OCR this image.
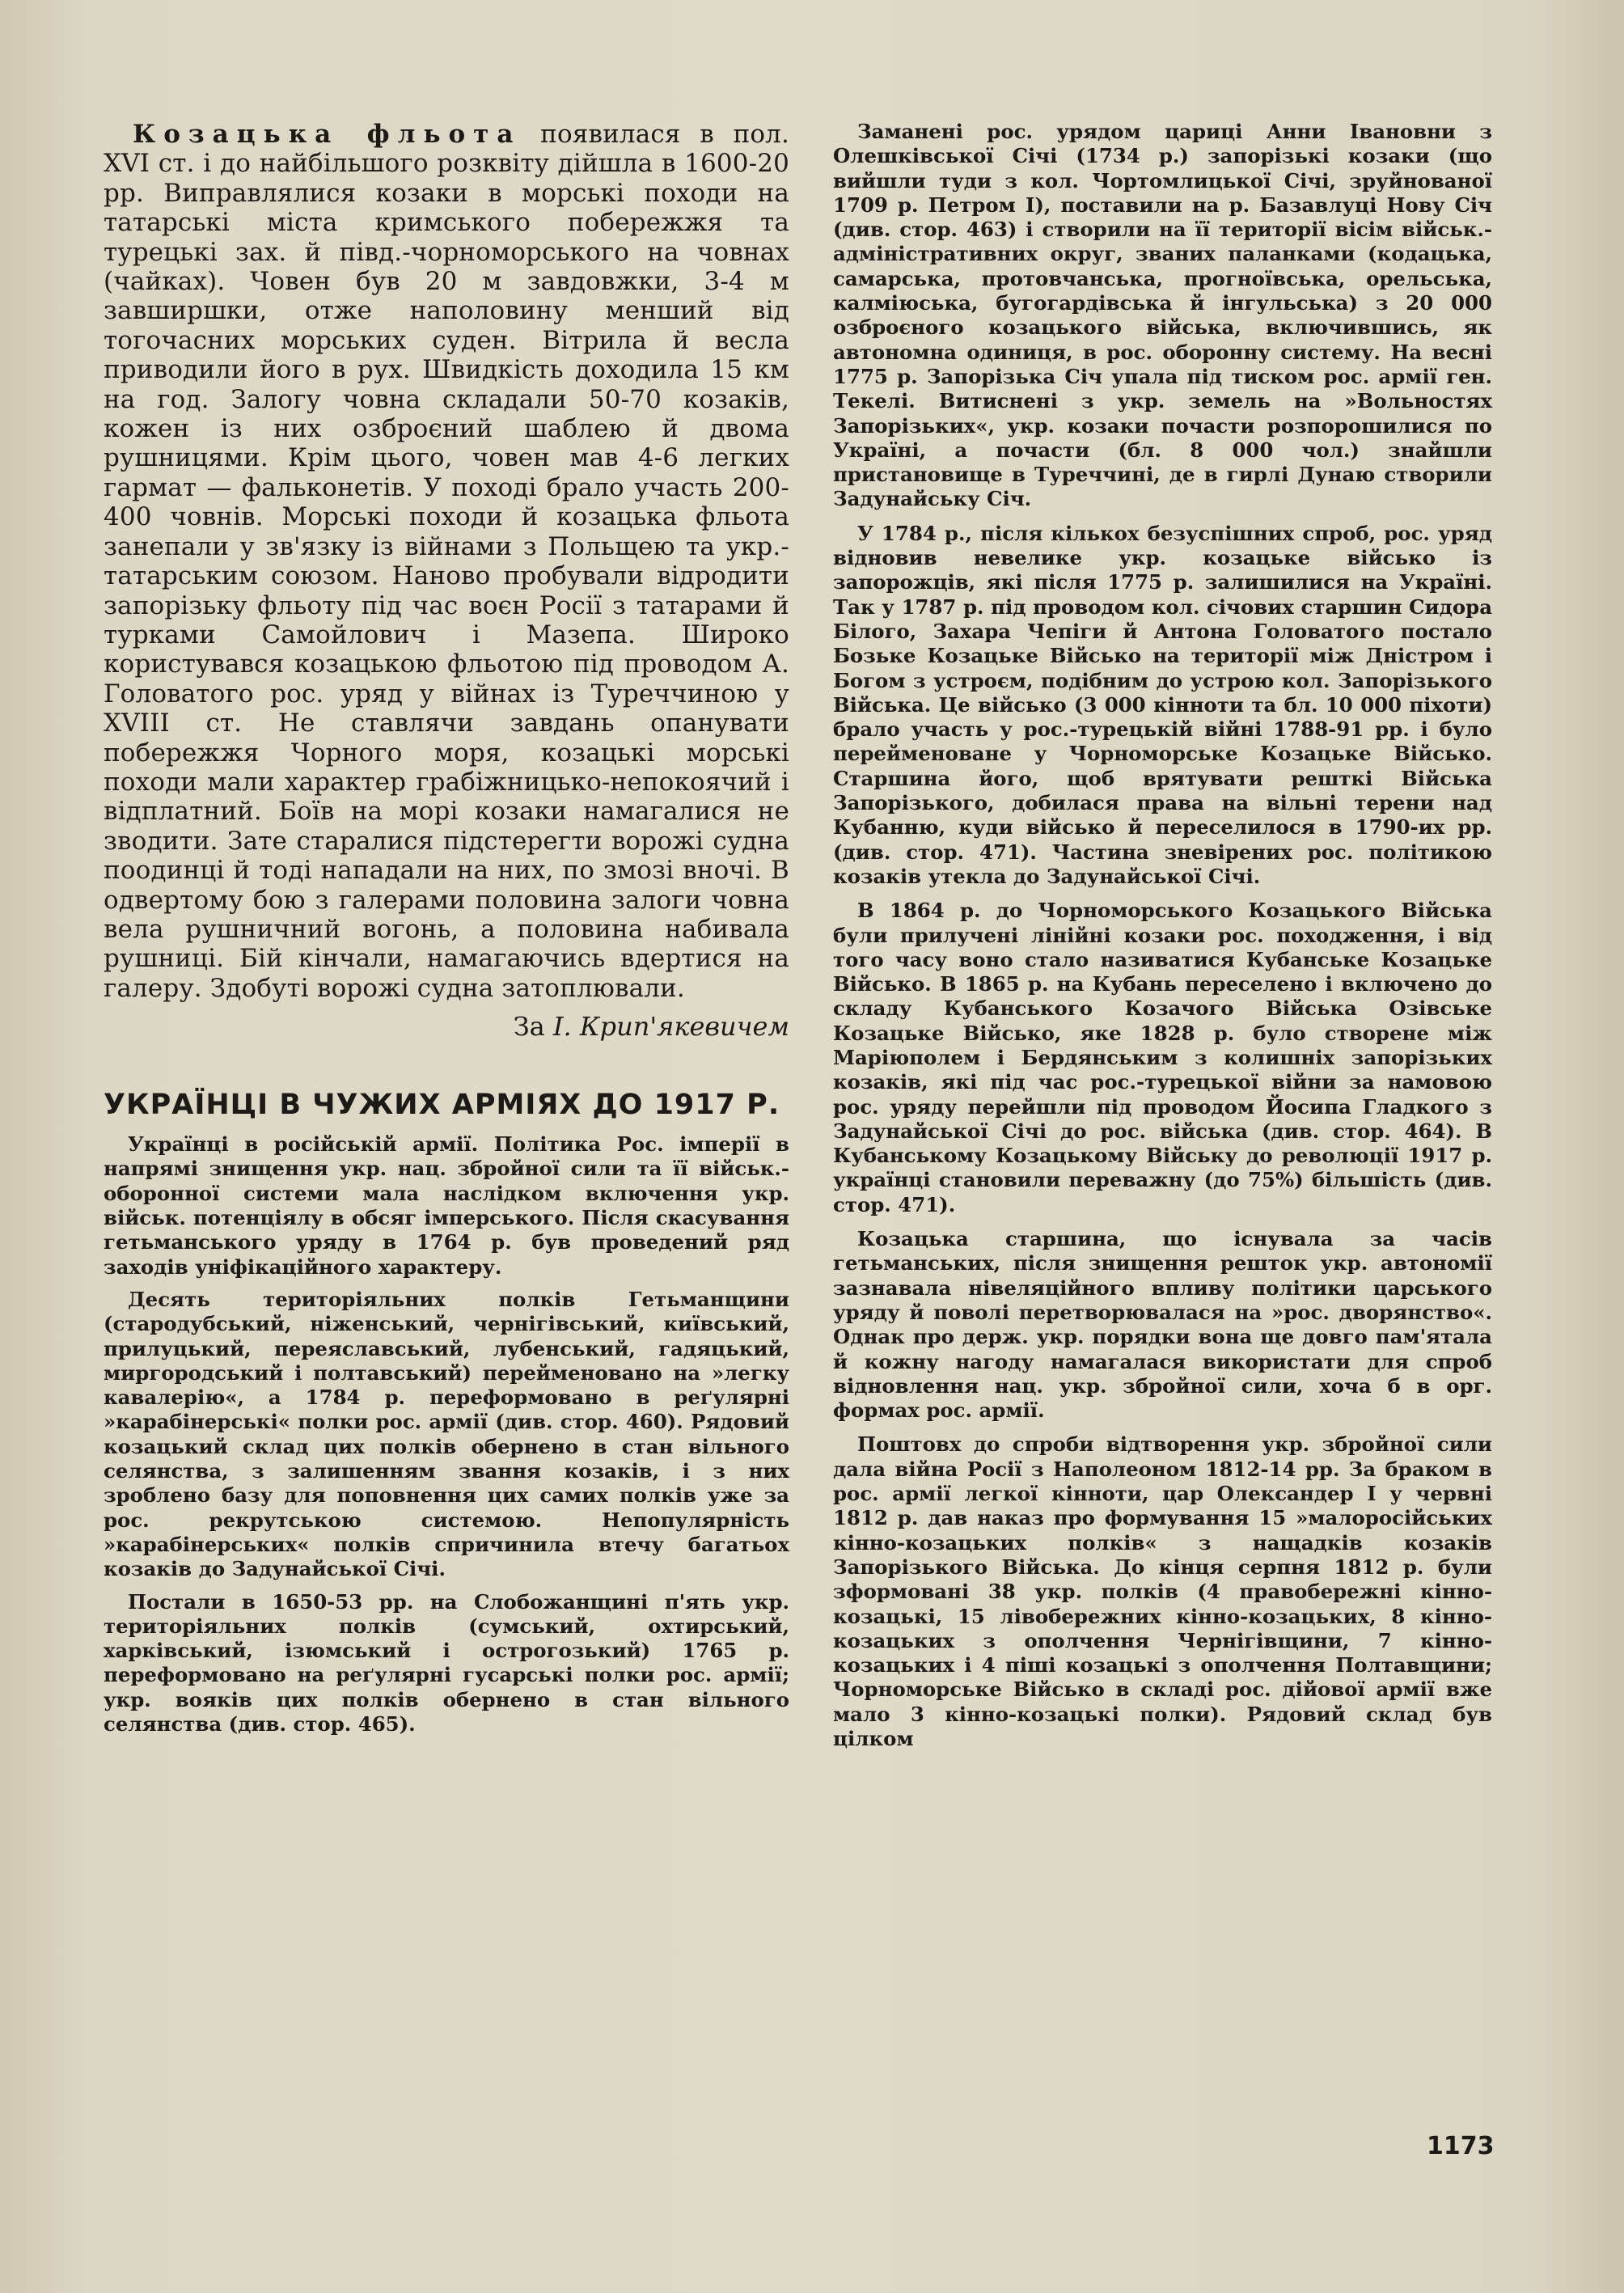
Козацька фльота появилася в пол. XVI ст. і до найбільшого розквіту дійшла в 1600-20 рр. Виправлялися козаки в морські походи на татарські міста кримського побережжя та турецькі зах. й півд.-чорноморського на човнах (чайках). Човен був 20 м завдовжки, 3-4 м завширшки, отже наполовину менший від тогочасних морських суден. Вітрила й весла приводили його в рух. Швидкість доходила 15 км на год. Залогу човна складали 50-70 козаків, кожен із них озброєний шаблею й двома рушницями. Крім цього, човен мав 4-6 легких гармат — фальконетів. У поході брало участь 200-400 човнів. Морські походи й козацька фльота занепали у зв'язку із війнами з Польщею та укр.-татарським союзом. Наново пробували відродити запорізьку фльоту під час воєн Росії з татарами й турками Самойлович і Мазепа. Широко користувався козацькою фльотою під проводом А. Головатого рос. уряд у війнах із Туреччиною у XVIII ст. Не ставлячи завдань опанувати побережжя Чорного моря, козацькі морські походи мали характер грабіжницько-непокоячий і відплатний. Боїв на морі козаки намагалися не зводити. Зате старалися підстерегти ворожі судна поодинці й тоді нападали на них, по змозі вночі. В одвертому бою з галерами половина залоги човна вела рушничний вогонь, а половина набивала рушниці. Бій кінчали, намагаючись вдертися на галеру. Здобуті ворожі судна затоплювали.

За І. Крип'якевичем

УКРАЇНЦІ В ЧУЖИХ АРМІЯХ ДО 1917 Р.

Українці в російській армії. Політика Рос. імперії в напрямі знищення укр. нац. збройної сили та її військ.-оборонної системи мала наслідком включення укр. військ. потенціялу в обсяг імперського. Після скасування гетьманського уряду в 1764 р. був проведений ряд заходів уніфікаційного характеру.

Десять територіяльних полків Гетьманщини (стародубський, ніженський, чернігівський, київський, прилуцький, переяславський, лубенський, гадяцький, миргородський і полтавський) перейменовано на »легку кавалерію«, а 1784 р. переформовано в реґулярні »карабінерські« полки рос. армії (див. стор. 460). Рядовий козацький склад цих полків обернено в стан вільного селянства, з залишенням звання козаків, і з них зроблено базу для поповнення цих самих полків уже за рос. рекрутською системою. Непопулярність »карабінерських« полків спричинила втечу багатьох козаків до Задунайської Січі.

Постали в 1650-53 рр. на Слобожанщині п'ять укр. територіяльних полків (сумський, охтирський, харківський, ізюмський і острогозький) 1765 р. переформовано на реґулярні гусарські полки рос. армії; укр. вояків цих полків обернено в стан вільного селянства (див. стор. 465).

Заманені рос. урядом цариці Анни Івановни з Олешківської Січі (1734 р.) запорізькі козаки (що вийшли туди з кол. Чортомлицької Січі, зруйнованої 1709 р. Петром І), поставили на р. Базавлуці Нову Січ (див. стор. 463) і створили на її території вісім військ.-адміністративних округ, званих паланками (кодацька, самарська, протовчанська, прогноївська, орельська, калміюська, бугогардівська й інгульська) з 20 000 озброєного козацького війська, включившись, як автономна одиниця, в рос. оборонну систему. На весні 1775 р. Запорізька Січ упала під тиском рос. армії ген. Текелі. Витиснені з укр. земель на »Вольностях Запорізьких«, укр. козаки почасти розпорошилися по Україні, а почасти (бл. 8 000 чол.) знайшли пристановище в Туреччині, де в гирлі Дунаю створили Задунайську Січ.

У 1784 р., після кількох безуспішних спроб, рос. уряд відновив невелике укр. козацьке військо із запорожців, які після 1775 р. залишилися на Україні. Так у 1787 р. під проводом кол. січових старшин Сидора Білого, Захара Чепіги й Антона Головатого постало Бозьке Козацьке Військо на території між Дністром і Богом з устроєм, подібним до устрою кол. Запорізького Війська. Це військо (3 000 кінноти та бл. 10 000 піхоти) брало участь у рос.-турецькій війні 1788-91 рр. і було перейменоване у Чорноморське Козацьке Військо. Старшина його, щоб врятувати решткі Війська Запорізького, добилася права на вільні терени над Кубанню, куди військо й переселилося в 1790-их рр. (див. стор. 471). Частина зневірених рос. політикою козаків утекла до Задунайської Січі.

В 1864 р. до Чорноморського Козацького Війська були прилучені лінійні козаки рос. походження, і від того часу воно стало називатися Кубанське Козацьке Військо. В 1865 р. на Кубань переселено і включено до складу Кубанського Козачого Війська Озівське Козацьке Військо, яке 1828 р. було створене між Маріюполем і Бердянським з колишніх запорізьких козаків, які під час рос.-турецької війни за намовою рос. уряду перейшли під проводом Йосипа Гладкого з Задунайської Січі до рос. війська (див. стор. 464). В Кубанському Козацькому Війську до революції 1917 р. українці становили переважну (до 75%) більшість (див. стор. 471).

Козацька старшина, що існувала за часів гетьманських, після знищення решток укр. автономії зазнавала нівеляційного впливу політики царського уряду й поволі перетворювалася на »рос. дворянство«. Однак про держ. укр. порядки вона ще довго пам'ятала й кожну нагоду намагалася використати для спроб відновлення нац. укр. збройної сили, хоча б в орг. формах рос. армії.

Поштовх до спроби відтворення укр. збройної сили дала війна Росії з Наполеоном 1812-14 рр. За браком в рос. армії легкої кінноти, цар Олександер І у червні 1812 р. дав наказ про формування 15 »малоросійських кінно-козацьких полків« з нащадків козаків Запорізького Війська. До кінця серпня 1812 р. були зформовані 38 укр. полків (4 правобережні кінно-козацькі, 15 лівобережних кінно-козацьких, 8 кінно-козацьких з ополчення Чернігівщини, 7 кінно-козацьких і 4 піші козацькі з ополчення Полтавщини; Чорноморське Військо в складі рос. дійової армії вже мало 3 кінно-козацькі полки). Рядовий склад був цілком

1173
